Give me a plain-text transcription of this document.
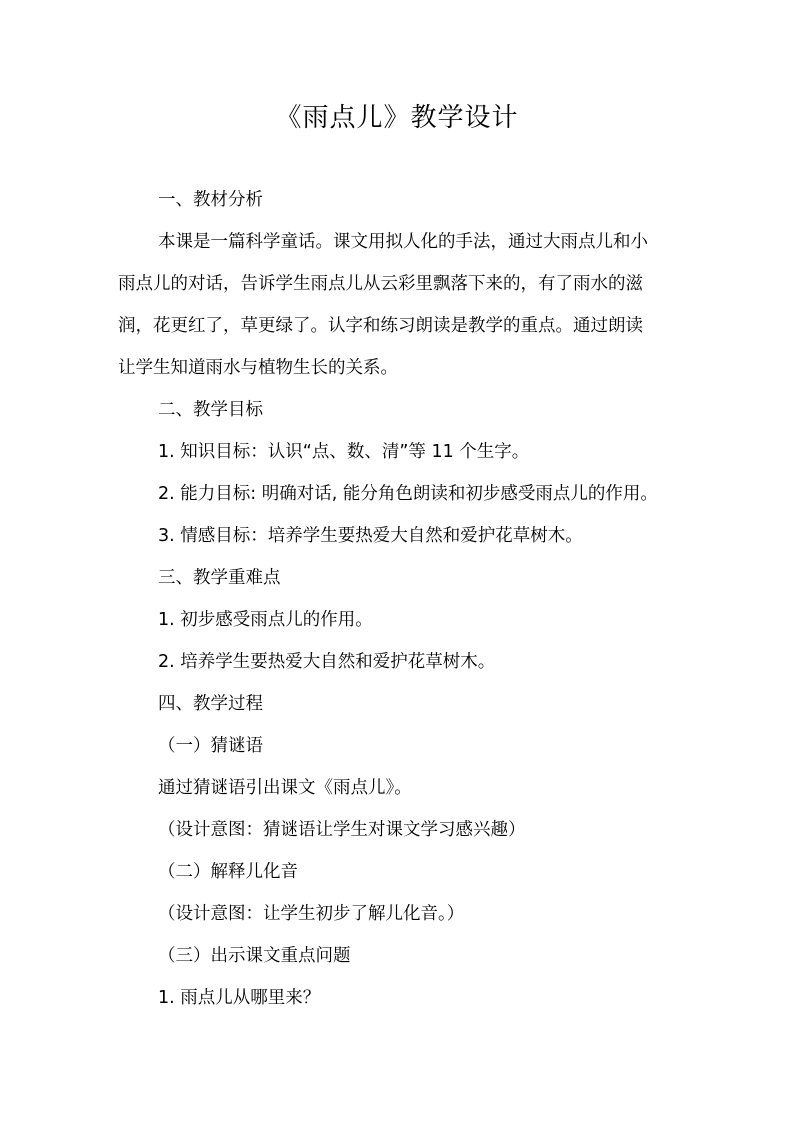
《雨点儿》教学设计
一、教材分析
本课是一篇科学童话。课文用拟人化的手法，通过大雨点儿和小
雨点儿的对话，告诉学生雨点儿从云彩里飘落下来的，有了雨水的滋
润，花更红了，草更绿了。认字和练习朗读是教学的重点。通过朗读
让学生知道雨水与植物生长的关系。
二、教学目标
1. 知识目标：认识“点、数、清”等 11 个生字。
2. 能力目标: 明确对话, 能分角色朗读和初步感受雨点儿的作用。
3. 情感目标：培养学生要热爱大自然和爱护花草树木。
三、教学重难点
1. 初步感受雨点儿的作用。
2. 培养学生要热爱大自然和爱护花草树木。
四、教学过程
（一）猜谜语
通过猜谜语引出课文《雨点儿》。
（设计意图：猜谜语让学生对课文学习感兴趣）
（二）解释儿化音
（设计意图：让学生初步了解儿化音。）
（三）出示课文重点问题
1. 雨点儿从哪里来？
